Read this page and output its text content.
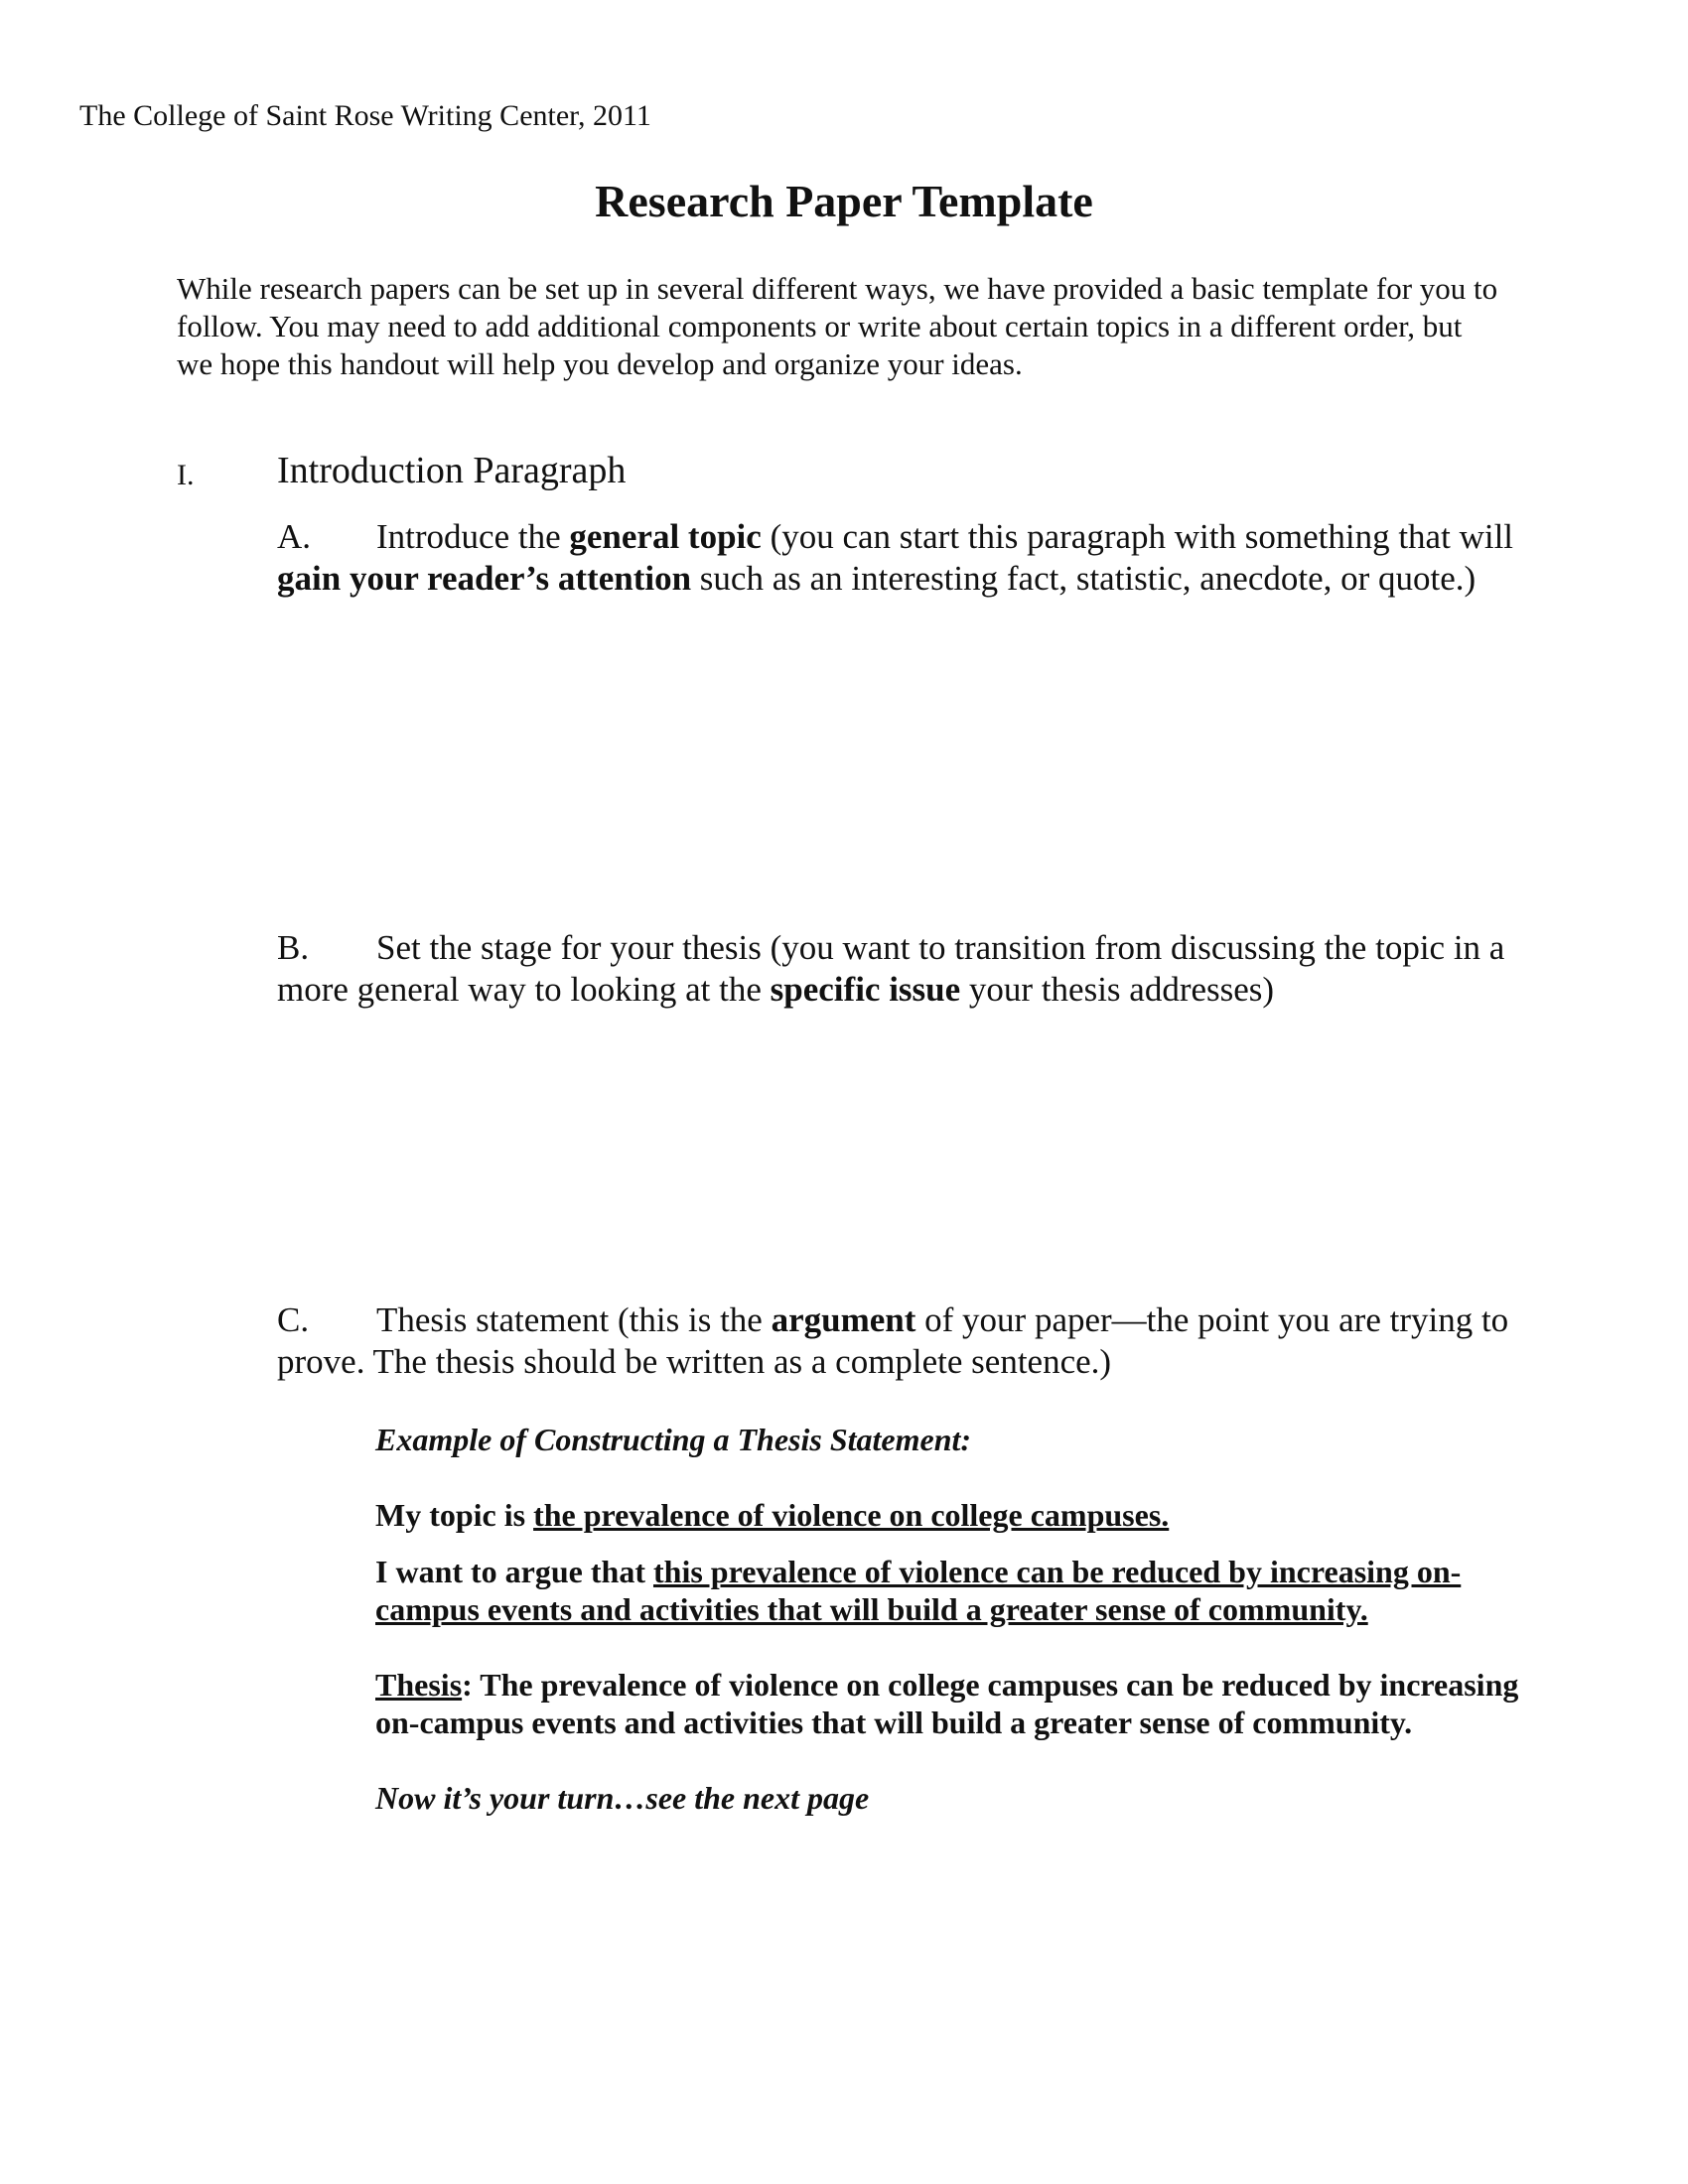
The College of Saint Rose Writing Center, 2011
Research Paper Template
While research papers can be set up in several different ways, we have provided a basic template for you to
follow. You may need to add additional components or write about certain topics in a different order, but
we hope this handout will help you develop and organize your ideas.
I. Introduction Paragraph
A. Introduce the general topic (you can start this paragraph with something that will
gain your reader’s attention such as an interesting fact, statistic, anecdote, or quote.)
B. Set the stage for your thesis (you want to transition from discussing the topic in a
more general way to looking at the specific issue your thesis addresses)
C. Thesis statement (this is the argument of your paper—the point you are trying to
prove. The thesis should be written as a complete sentence.)
Example of Constructing a Thesis Statement:
My topic is the prevalence of violence on college campuses.
I want to argue that this prevalence of violence can be reduced by increasing on-
campus events and activities that will build a greater sense of community.
Thesis: The prevalence of violence on college campuses can be reduced by increasing
on-campus events and activities that will build a greater sense of community.
Now it’s your turn…see the next page
